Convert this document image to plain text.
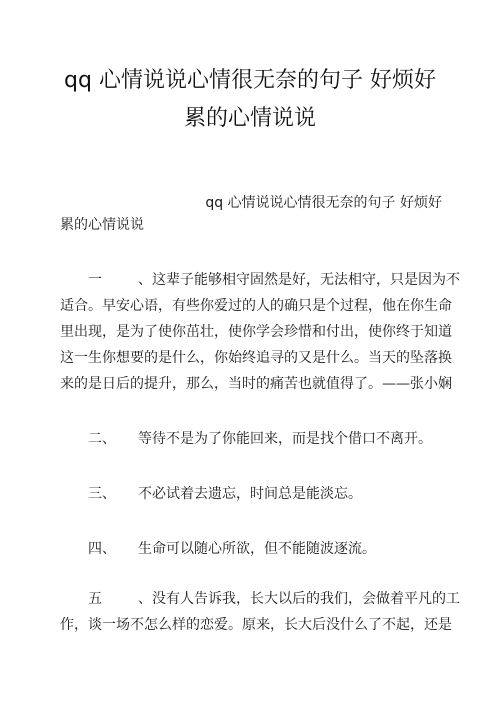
qq 心情说说心情很无奈的句子 好烦好
累的心情说说
qq 心情说说心情很无奈的句子 好烦好
累的心情说说
一、这辈子能够相守固然是好，无法相守，只是因为不
适合。早安心语，有些你爱过的人的确只是个过程，他在你生命
里出现，是为了使你茁壮，使你学会珍惜和付出，使你终于知道
这一生你想要的是什么，你始终追寻的又是什么。当天的坠落换
来的是日后的提升，那么，当时的痛苦也就值得了。——张小娴
二、 等待不是为了你能回来，而是找个借口不离开。
三、 不必试着去遗忘，时间总是能淡忘。
四、 生命可以随心所欲，但不能随波逐流。
五、没有人告诉我，长大以后的我们，会做着平凡的工
作，谈一场不怎么样的恋爱。原来，长大后没什么了不起，还是
